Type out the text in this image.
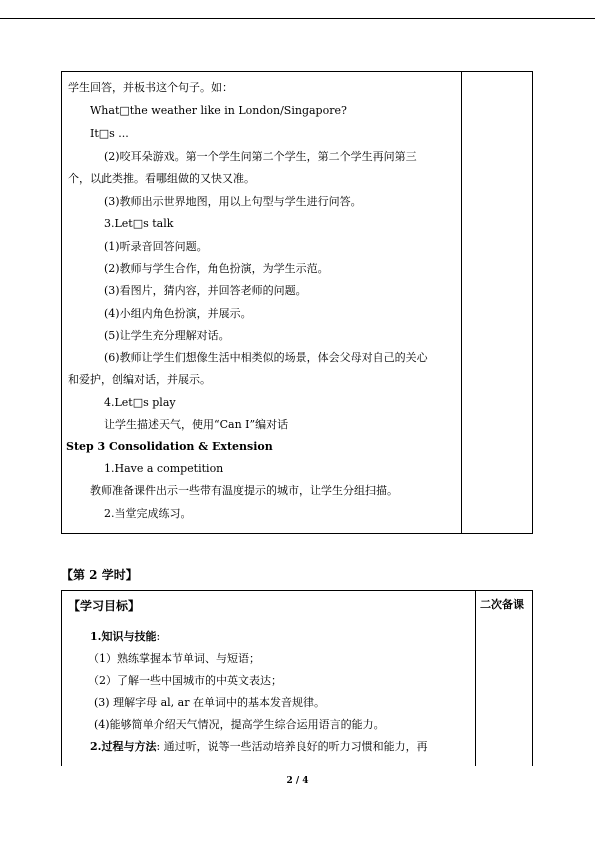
学生回答，并板书这个句子。如：
What□the weather like in London/Singapore?
It□s ...
(2)咬耳朵游戏。第一个学生问第二个学生，第二个学生再问第三
个，以此类推。看哪组做的又快又准。
(3)教师出示世界地图，用以上句型与学生进行问答。
3.Let□s talk
(1)听录音回答问题。
(2)教师与学生合作，角色扮演，为学生示范。
(3)看图片，猜内容，并回答老师的问题。
(4)小组内角色扮演，并展示。
(5)让学生充分理解对话。
(6)教师让学生们想像生活中相类似的场景，体会父母对自己的关心
和爱护，创编对话，并展示。
4.Let□s play
让学生描述天气，使用“Can I”编对话
Step 3 Consolidation & Extension
1.Have a competition
教师准备课件出示一些带有温度提示的城市，让学生分组扫描。
2.当堂完成练习。
【第 2 学时】
【学习目标】	二次备课
1.知识与技能:
（1）熟练掌握本节单词、与短语；
（2）了解一些中国城市的中英文表达；
(3) 理解字母 al, ar 在单词中的基本发音规律。
(4)能够简单介绍天气情况，提高学生综合运用语言的能力。
2.过程与方法: 通过听，说等一些活动培养良好的听力习惯和能力，再
2 / 4
